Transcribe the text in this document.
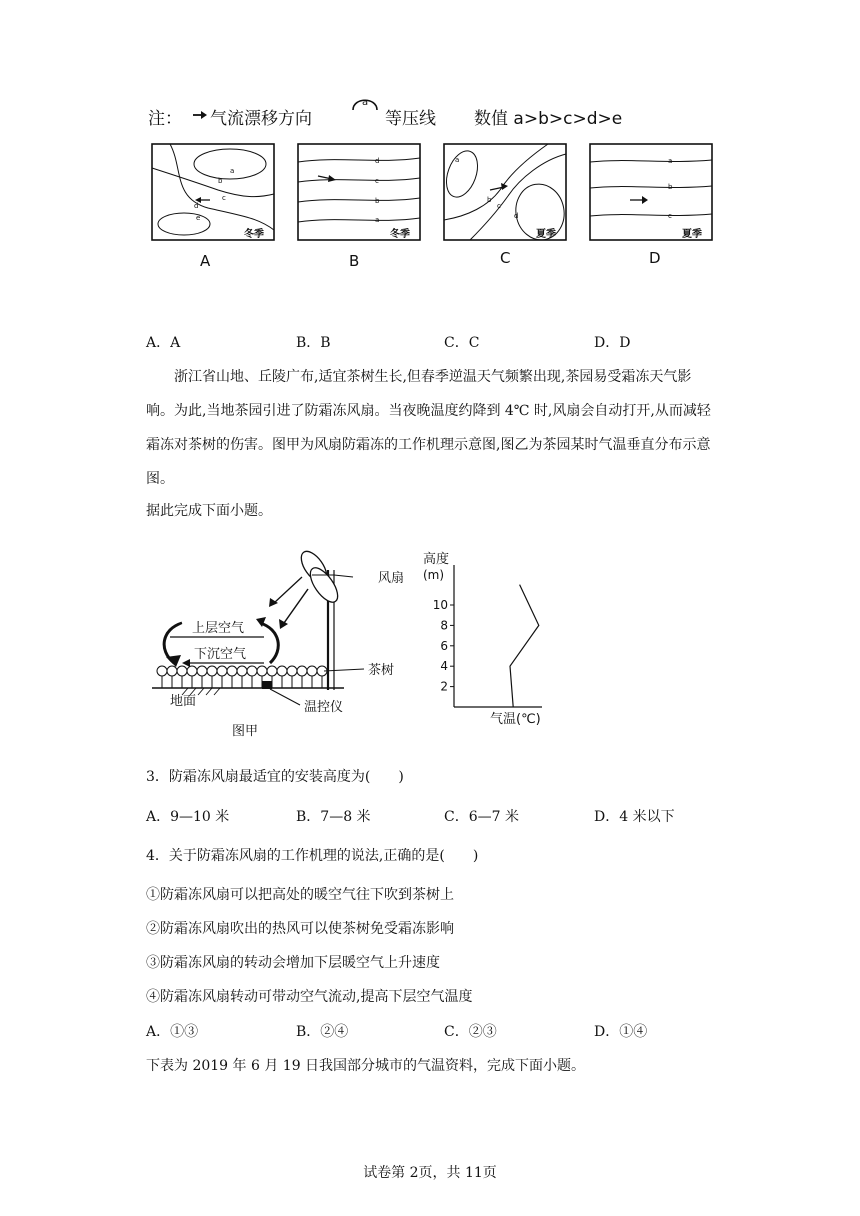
注： 气流漂移方向
a
等压线 数值 a>b>c>d>e
a
b
c
d
e
冬季
d
c
b
a
冬季
a
b
c
d
夏季
a
b
c
夏季
A	B	C	D
A．A	B．B	C．C	D．D
浙江省山地、丘陵广布,适宜茶树生长,但春季逆温天气频繁出现,茶园易受霜冻天气影响。为此,当地茶园引进了防霜冻风扇。当夜晚温度约降到 4℃ 时,风扇会自动打开,从而减轻霜冻对茶树的伤害。图甲为风扇防霜冻的工作机理示意图,图乙为茶园某时气温垂直分布示意图。
据此完成下面小题。
风扇
上层空气
下沉空气
茶树
地面	温控仪
图甲
高度
(m)
2
4
6
8
10
气温(℃)
3．防霜冻风扇最适宜的安装高度为(　　)
A．9—10 米	B．7—8 米	C．6—7 米	D．4 米以下
4．关于防霜冻风扇的工作机理的说法,正确的是(　　)
①防霜冻风扇可以把高处的暖空气往下吹到茶树上
②防霜冻风扇吹出的热风可以使茶树免受霜冻影响
③防霜冻风扇的转动会增加下层暖空气上升速度
④防霜冻风扇转动可带动空气流动,提高下层空气温度
A．①③	B．②④	C．②③	D．①④
下表为 2019 年 6 月 19 日我国部分城市的气温资料，完成下面小题。
试卷第 2页，共 11页
